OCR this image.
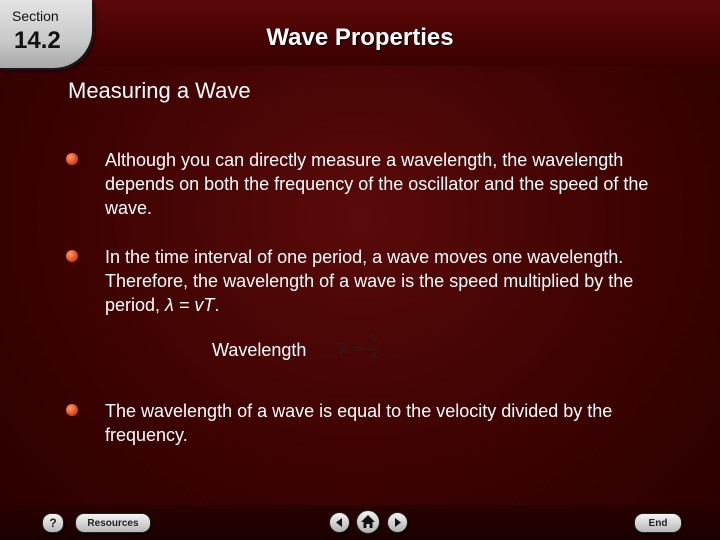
Section
14.2	Wave Properties
Measuring a Wave
Although you can directly measure a wavelength, the wavelength depends on both the frequency of the oscillator and the speed of the wave.
In the time interval of one period, a wave moves one wavelength. Therefore, the wavelength of a wave is the speed multiplied by the period, λ = vT.
Wavelength	λ =
v
f
The wavelength of a wave is equal to the velocity divided by the frequency.
?	Resources	End
